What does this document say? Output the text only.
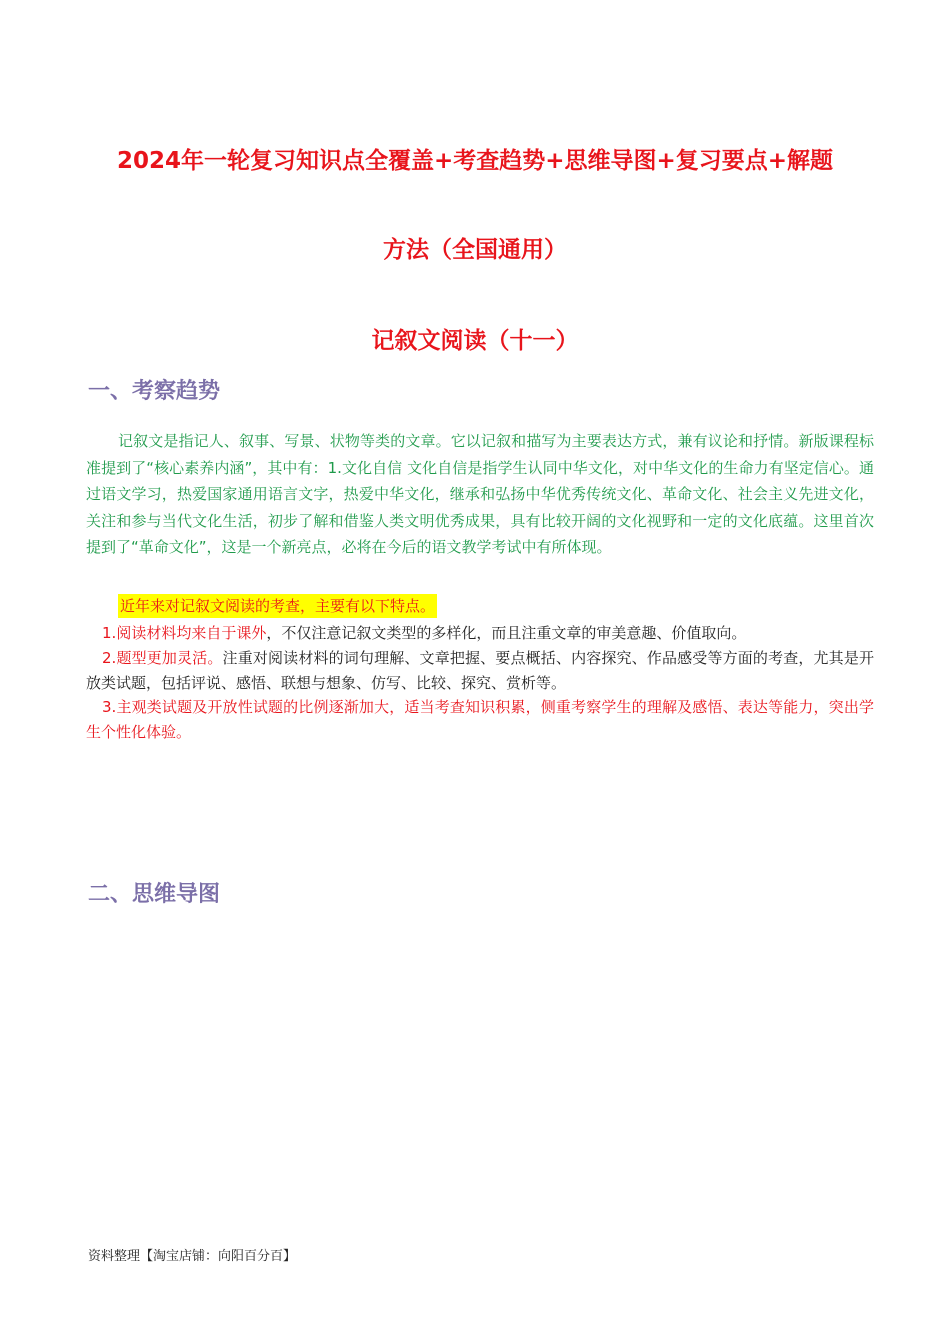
2024年一轮复习知识点全覆盖+考查趋势+思维导图+复习要点+解题
方法（全国通用）
记叙文阅读（十一）
一、考察趋势

记叙文是指记人、叙事、写景、状物等类的文章。它以记叙和描写为主要表达方式，兼有议论和抒情。新版课程标准提到了“核心素养内涵”，其中有：1.文化自信 文化自信是指学生认同中华文化，对中华文化的生命力有坚定信心。通过语文学习，热爱国家通用语言文字，热爱中华文化，继承和弘扬中华优秀传统文化、革命文化、社会主义先进文化，关注和参与当代文化生活，初步了解和借鉴人类文明优秀成果，具有比较开阔的文化视野和一定的文化底蕴。这里首次提到了“革命文化”，这是一个新亮点，必将在今后的语文教学考试中有所体现。

近年来对记叙文阅读的考查，主要有以下特点。

1.阅读材料均来自于课外，不仅注意记叙文类型的多样化，而且注重文章的审美意趣、价值取向。

2.题型更加灵活。注重对阅读材料的词句理解、文章把握、要点概括、内容探究、作品感受等方面的考查，尤其是开放类试题，包括评说、感悟、联想与想象、仿写、比较、探究、赏析等。

3.主观类试题及开放性试题的比例逐渐加大，适当考查知识积累，侧重考察学生的理解及感悟、表达等能力，突出学生个性化体验。

二、思维导图
资料整理【淘宝店铺：向阳百分百】
